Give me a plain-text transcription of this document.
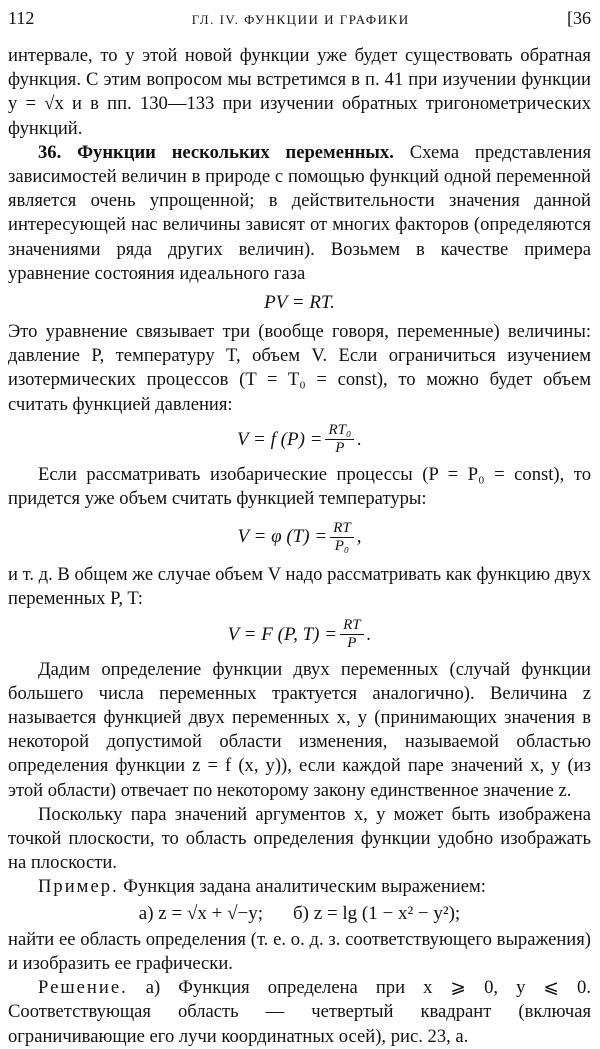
112	ГЛ. IV. ФУНКЦИИ И ГРАФИКИ	[36

интервале, то у этой новой функции уже будет существовать обратная функция. С этим вопросом мы встретимся в п. 41 при изучении функции y = √x и в пп. 130—133 при изучении обратных тригонометрических функций.

36. Функции нескольких переменных. Схема представления зависимостей величин в природе с помощью функций одной переменной является очень упрощенной; в действительности значения данной интересующей нас величины зависят от многих факторов (определяются значениями ряда других величин). Возьмем в качестве примера уравнение состояния идеального газа

PV = RT.

Это уравнение связывает три (вообще говоря, переменные) величины: давление P, температуру T, объем V. Если ограничиться изучением изотермических процессов (T = T₀ = const), то можно будет объем считать функцией давления:

V = f $(P) = \frac{\text{RT₀}}{P}$ .

Если рассматривать изобарические процессы (P = P₀ = const), то придется уже объем считать функцией температуры:

V = φ $(T) = \frac{RT}{\text{P₀}}$ ,

и т. д. В общем же случае объем V надо рассматривать как функцию двух переменных P, T:

V = F (P, $T) = \frac{RT}{P}$ .

Дадим определение функции двух переменных (случай функции большего числа переменных трактуется аналогично). Величина z называется функцией двух переменных x, y (принимающих значения в некоторой допустимой области изменения, называемой областью определения функции z = f (x, y)), если каждой паре значений x, y (из этой области) отвечает по некоторому закону единственное значение z.

Поскольку пара значений аргументов x, y может быть изображена точкой плоскости, то область определения функции удобно изображать на плоскости.

Пример. Функция задана аналитическим выражением:

а) z = √x + √−y; б) z = lg (1 − x² − y²);

найти ее область определения (т. е. о. д. з. соответствующего выражения) и изобразить ее графически.

Решение. а) Функция определена при x ⩾ 0, y ⩽ 0. Соответствующая область — четвертый квадрант (включая ограничивающие его лучи координатных осей), рис. 23, а.
